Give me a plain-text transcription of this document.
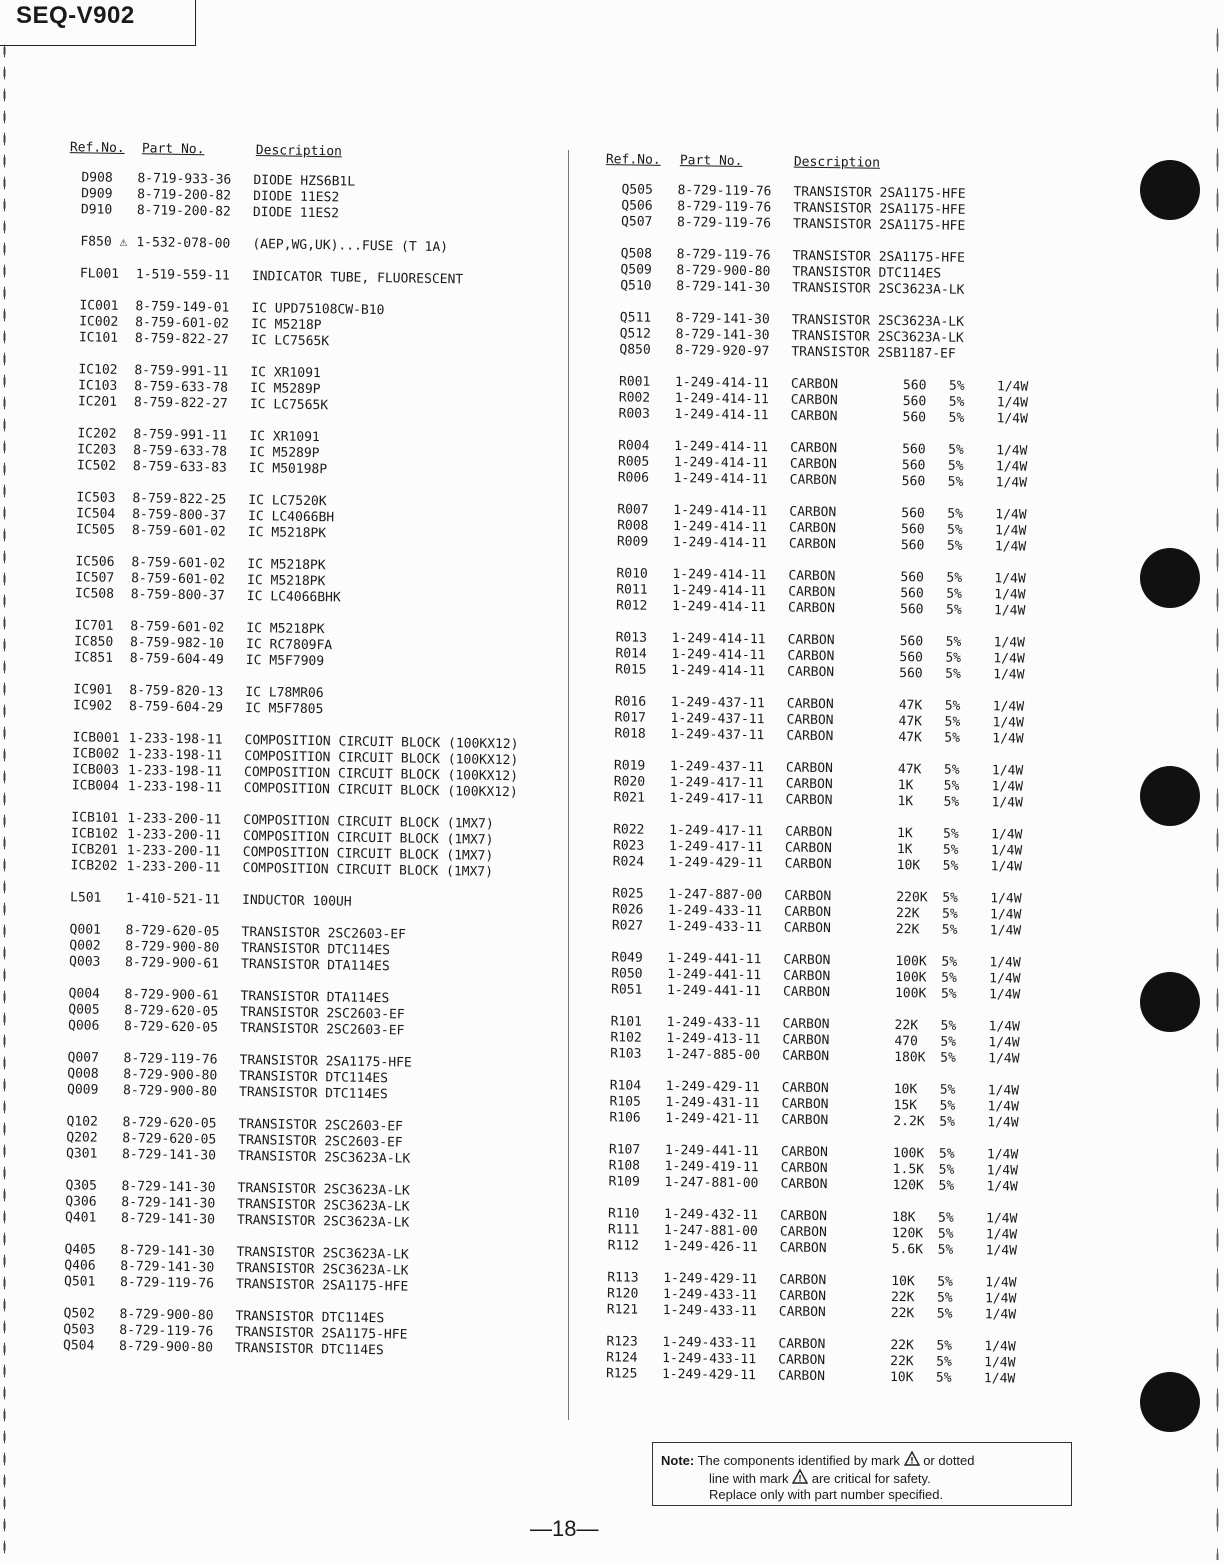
SEQ-V902
Ref.No. Part No.	Description
D908 8-719-933-36 DIODE HZS6B1L
D909 8-719-200-82 DIODE 11ES2
D910 8-719-200-82 DIODE 11ES2
F850 ⚠ 1-532-078-00 (AEP,WG,UK)...FUSE (T 1A)
FL001 1-519-559-11 INDICATOR TUBE, FLUORESCENT
IC001 8-759-149-01 IC UPD75108CW-B10
IC002 8-759-601-02 IC M5218P
IC101 8-759-822-27 IC LC7565K
IC102 8-759-991-11 IC XR1091
IC103 8-759-633-78 IC M5289P
IC201 8-759-822-27 IC LC7565K
IC202 8-759-991-11 IC XR1091
IC203 8-759-633-78 IC M5289P
IC502 8-759-633-83 IC M50198P
IC503 8-759-822-25 IC LC7520K
IC504 8-759-800-37 IC LC4066BH
IC505 8-759-601-02 IC M5218PK
IC506 8-759-601-02 IC M5218PK
IC507 8-759-601-02 IC M5218PK
IC508 8-759-800-37 IC LC4066BHK
IC701 8-759-601-02 IC M5218PK
IC850 8-759-982-10 IC RC7809FA
IC851 8-759-604-49 IC M5F7909
IC901 8-759-820-13 IC L78MR06
IC902 8-759-604-29 IC M5F7805
ICB001 1-233-198-11 COMPOSITION CIRCUIT BLOCK (100KX12)
ICB002 1-233-198-11 COMPOSITION CIRCUIT BLOCK (100KX12)
ICB003 1-233-198-11 COMPOSITION CIRCUIT BLOCK (100KX12)
ICB004 1-233-198-11 COMPOSITION CIRCUIT BLOCK (100KX12)
ICB101 1-233-200-11 COMPOSITION CIRCUIT BLOCK (1MX7)
ICB102 1-233-200-11 COMPOSITION CIRCUIT BLOCK (1MX7)
ICB201 1-233-200-11 COMPOSITION CIRCUIT BLOCK (1MX7)
ICB202 1-233-200-11 COMPOSITION CIRCUIT BLOCK (1MX7)
L501 1-410-521-11 INDUCTOR 100UH
Q001 8-729-620-05 TRANSISTOR 2SC2603-EF
Q002 8-729-900-80 TRANSISTOR DTC114ES
Q003 8-729-900-61 TRANSISTOR DTA114ES
Q004 8-729-900-61 TRANSISTOR DTA114ES
Q005 8-729-620-05 TRANSISTOR 2SC2603-EF
Q006 8-729-620-05 TRANSISTOR 2SC2603-EF
Q007 8-729-119-76 TRANSISTOR 2SA1175-HFE
Q008 8-729-900-80 TRANSISTOR DTC114ES
Q009 8-729-900-80 TRANSISTOR DTC114ES
Q102 8-729-620-05 TRANSISTOR 2SC2603-EF
Q202 8-729-620-05 TRANSISTOR 2SC2603-EF
Q301 8-729-141-30 TRANSISTOR 2SC3623A-LK
Q305 8-729-141-30 TRANSISTOR 2SC3623A-LK
Q306 8-729-141-30 TRANSISTOR 2SC3623A-LK
Q401 8-729-141-30 TRANSISTOR 2SC3623A-LK
Q405 8-729-141-30 TRANSISTOR 2SC3623A-LK
Q406 8-729-141-30 TRANSISTOR 2SC3623A-LK
Q501 8-729-119-76 TRANSISTOR 2SA1175-HFE
Q502 8-729-900-80 TRANSISTOR DTC114ES
Q503 8-729-119-76 TRANSISTOR 2SA1175-HFE
Q504 8-729-900-80 TRANSISTOR DTC114ES
Ref.No. Part No.	Description
Q505 8-729-119-76 TRANSISTOR 2SA1175-HFE
Q506 8-729-119-76 TRANSISTOR 2SA1175-HFE
Q507 8-729-119-76 TRANSISTOR 2SA1175-HFE
Q508 8-729-119-76 TRANSISTOR 2SA1175-HFE
Q509 8-729-900-80 TRANSISTOR DTC114ES
Q510 8-729-141-30 TRANSISTOR 2SC3623A-LK
Q511 8-729-141-30 TRANSISTOR 2SC3623A-LK
Q512 8-729-141-30 TRANSISTOR 2SC3623A-LK
Q850 8-729-920-97 TRANSISTOR 2SB1187-EF
R001 1-249-414-11 CARBON	560 5% 1/4W
R002 1-249-414-11 CARBON	560 5% 1/4W
R003 1-249-414-11 CARBON	560 5% 1/4W
R004 1-249-414-11 CARBON	560 5% 1/4W
R005 1-249-414-11 CARBON	560 5% 1/4W
R006 1-249-414-11 CARBON	560 5% 1/4W
R007 1-249-414-11 CARBON	560 5% 1/4W
R008 1-249-414-11 CARBON	560 5% 1/4W
R009 1-249-414-11 CARBON	560 5% 1/4W
R010 1-249-414-11 CARBON	560 5% 1/4W
R011 1-249-414-11 CARBON	560 5% 1/4W
R012 1-249-414-11 CARBON	560 5% 1/4W
R013 1-249-414-11 CARBON	560 5% 1/4W
R014 1-249-414-11 CARBON	560 5% 1/4W
R015 1-249-414-11 CARBON	560 5% 1/4W
R016 1-249-437-11 CARBON	47K 5% 1/4W
R017 1-249-437-11 CARBON	47K 5% 1/4W
R018 1-249-437-11 CARBON	47K 5% 1/4W
R019 1-249-437-11 CARBON	47K 5% 1/4W
R020 1-249-417-11 CARBON	1K 5% 1/4W
R021 1-249-417-11 CARBON	1K 5% 1/4W
R022 1-249-417-11 CARBON	1K 5% 1/4W
R023 1-249-417-11 CARBON	1K 5% 1/4W
R024 1-249-429-11 CARBON	10K 5% 1/4W
R025 1-247-887-00 CARBON	220K 5% 1/4W
R026 1-249-433-11 CARBON	22K 5% 1/4W
R027 1-249-433-11 CARBON	22K 5% 1/4W
R049 1-249-441-11 CARBON	100K 5% 1/4W
R050 1-249-441-11 CARBON	100K 5% 1/4W
R051 1-249-441-11 CARBON	100K 5% 1/4W
R101 1-249-433-11 CARBON	22K 5% 1/4W
R102 1-249-413-11 CARBON	470 5% 1/4W
R103 1-247-885-00 CARBON	180K 5% 1/4W
R104 1-249-429-11 CARBON	10K 5% 1/4W
R105 1-249-431-11 CARBON	15K 5% 1/4W
R106 1-249-421-11 CARBON	2.2K 5% 1/4W
R107 1-249-441-11 CARBON	100K 5% 1/4W
R108 1-249-419-11 CARBON	1.5K 5% 1/4W
R109 1-247-881-00 CARBON	120K 5% 1/4W
R110 1-249-432-11 CARBON	18K 5% 1/4W
R111 1-247-881-00 CARBON	120K 5% 1/4W
R112 1-249-426-11 CARBON	5.6K 5% 1/4W
R113 1-249-429-11 CARBON	10K 5% 1/4W
R120 1-249-433-11 CARBON	22K 5% 1/4W
R121 1-249-433-11 CARBON	22K 5% 1/4W
R123 1-249-433-11 CARBON	22K 5% 1/4W
R124 1-249-433-11 CARBON	22K 5% 1/4W
R125 1-249-429-11 CARBON	10K 5% 1/4W
Note: The components identified by mark ! or dotted
line with mark ! are critical for safety.
Replace only with part number specified.
—18—
